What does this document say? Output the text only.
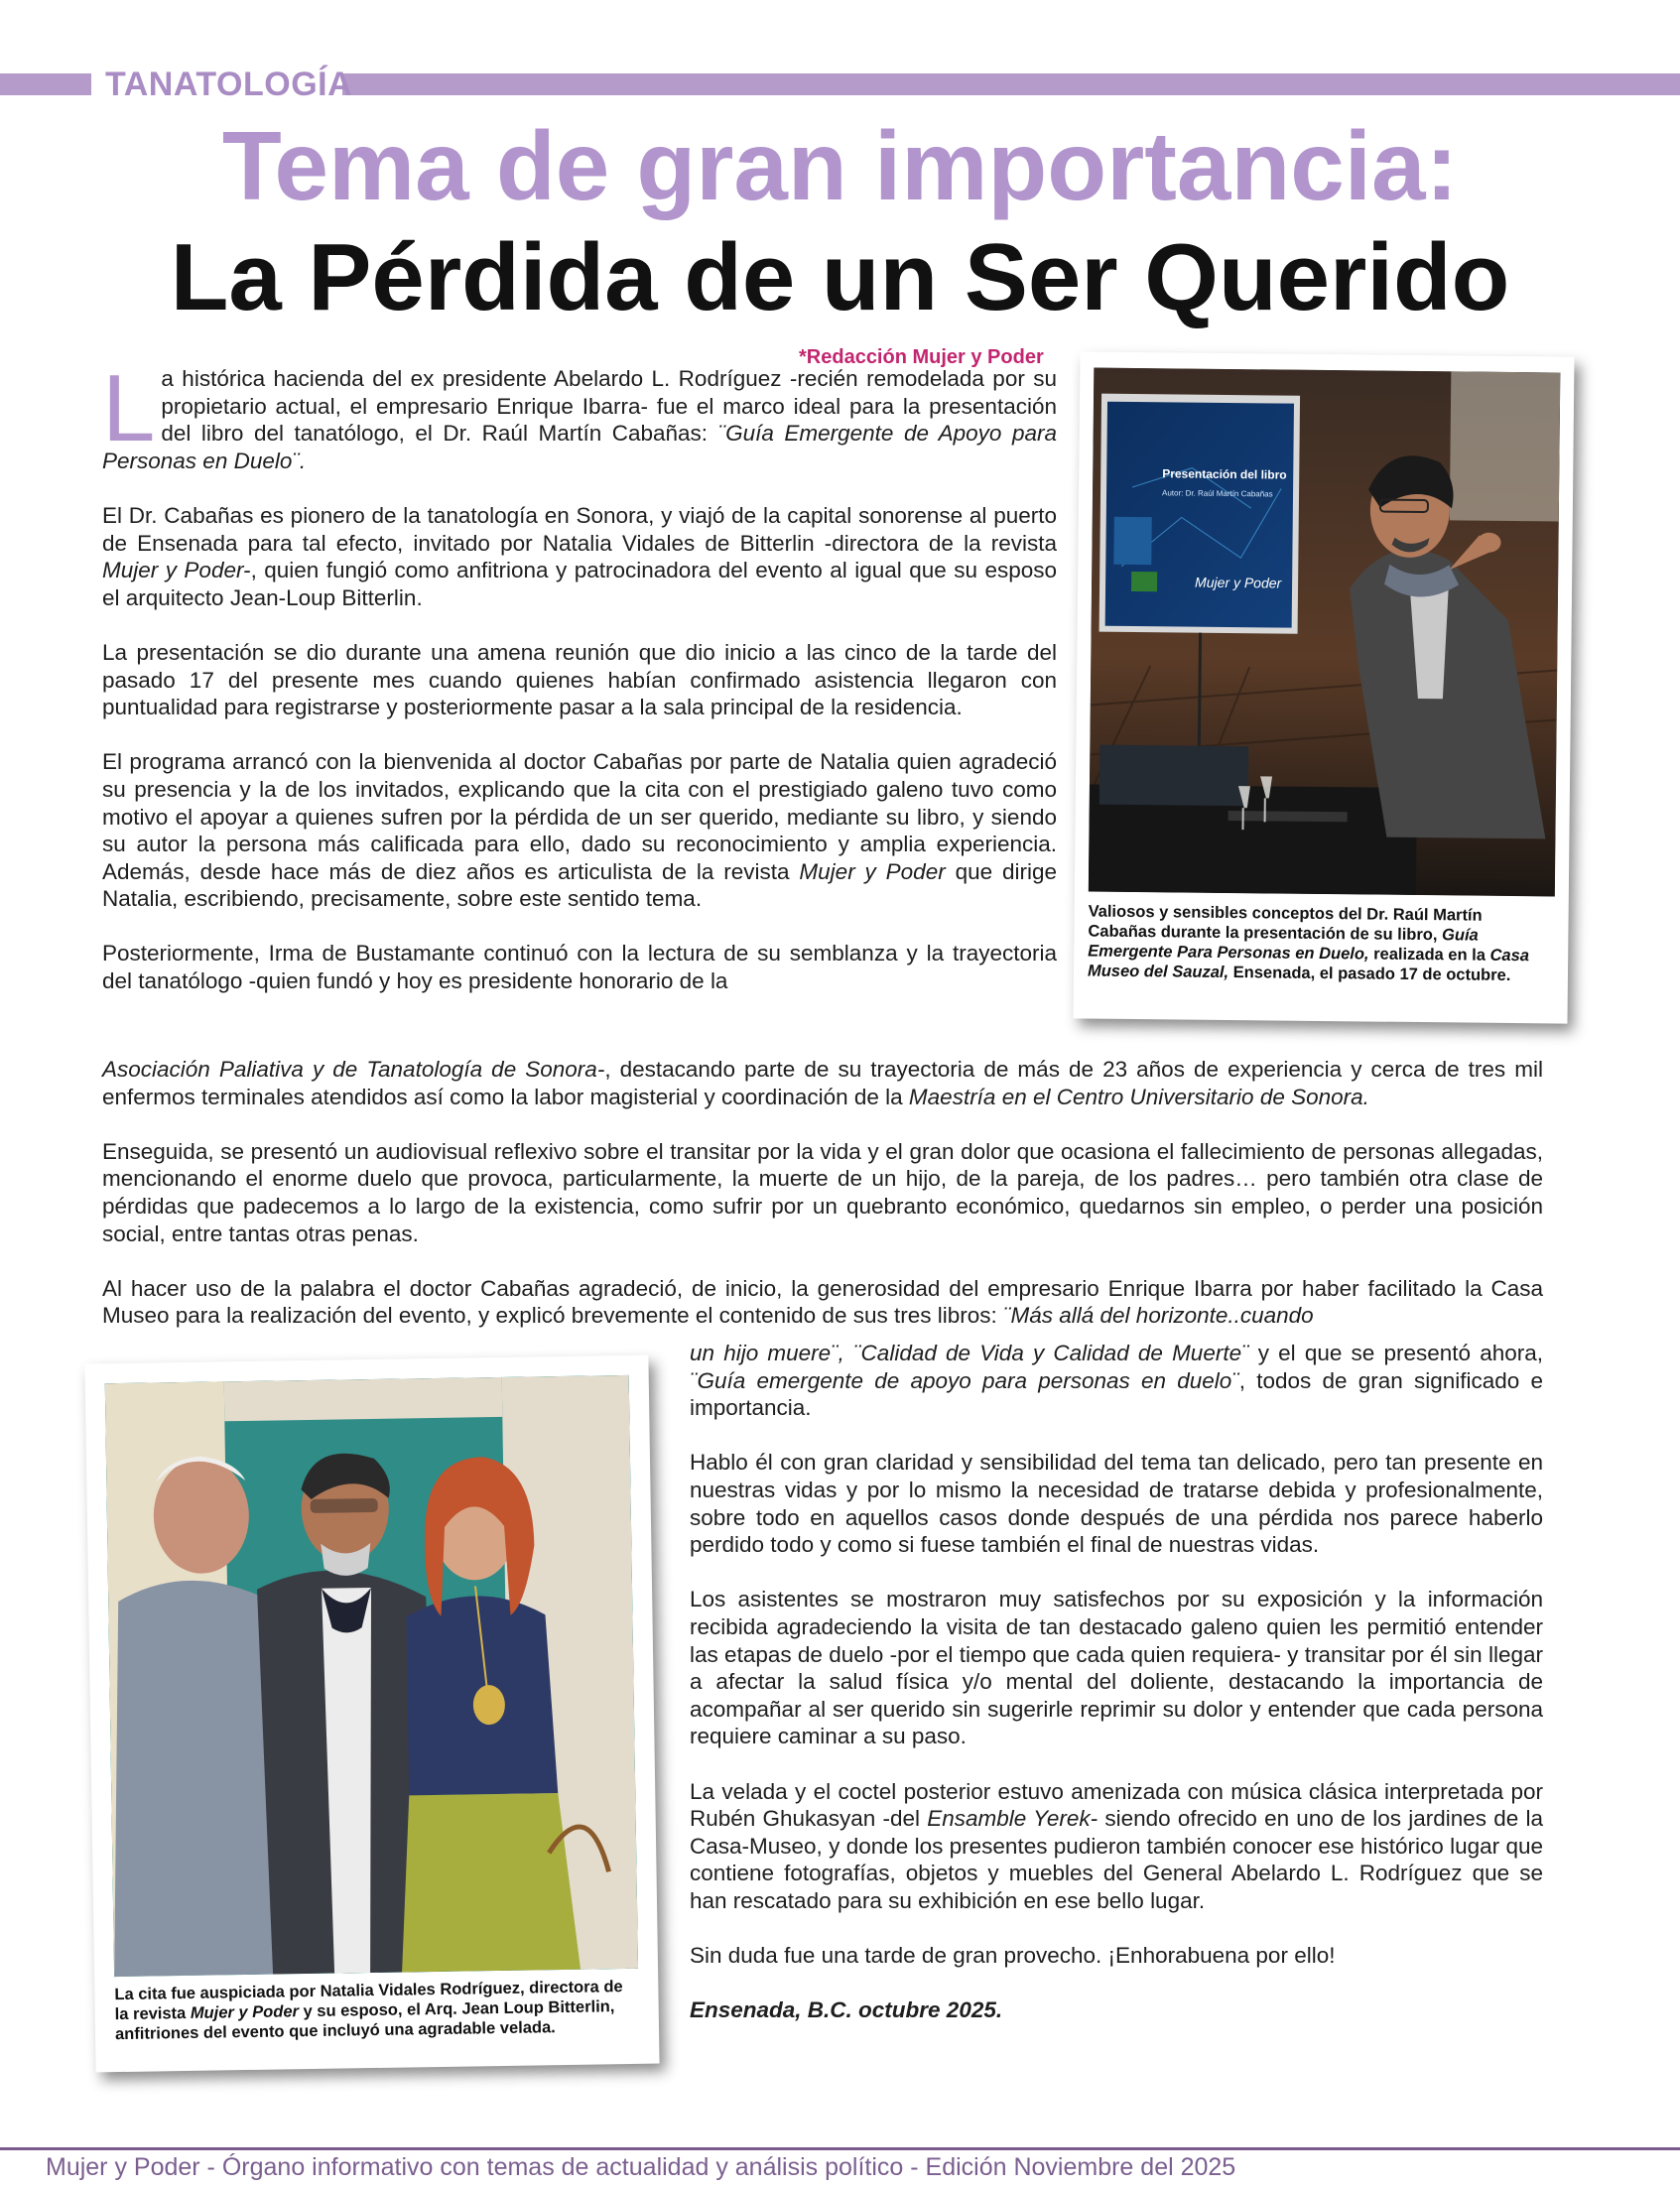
TANATOLOGÍA
Tema de gran importancia:
La Pérdida de un Ser Querido
*Redacción Mujer y Poder

La histórica hacienda del ex presidente Abelardo L. Rodríguez -recién remodelada por su propietario actual, el empresario Enrique Ibarra- fue el marco ideal para la presentación del libro del tanatólogo, el Dr. Raúl Martín Cabañas: ¨Guía Emergente de Apoyo para Personas en Duelo¨.

El Dr. Cabañas es pionero de la tanatología en Sonora, y viajó de la capital sonorense al puerto de Ensenada para tal efecto, invitado por Natalia Vidales de Bitterlin -directora de la revista Mujer y Poder-, quien fungió como anfitriona y patrocinadora del evento al igual que su esposo el arquitecto Jean-Loup Bitterlin.

La presentación se dio durante una amena reunión que dio inicio a las cinco de la tarde del pasado 17 del presente mes cuando quienes habían confirmado asistencia llegaron con puntualidad para registrarse y posteriormente pasar a la sala principal de la residencia.

El programa arrancó con la bienvenida al doctor Cabañas por parte de Natalia quien agradeció su presencia y la de los invitados, explicando que la cita con el prestigiado galeno tuvo como motivo el apoyar a quienes sufren por la pérdida de un ser querido, mediante su libro, y siendo su autor la persona más calificada para ello, dado su reconocimiento y amplia experiencia. Además, desde hace más de diez años es articulista de la revista Mujer y Poder que dirige Natalia, escribiendo, precisamente, sobre este sentido tema.

Posteriormente, Irma de Bustamante continuó con la lectura de su semblanza y la trayectoria del tanatólogo -quien fundó y hoy es presidente honorario de la

Asociación Paliativa y de Tanatología de Sonora-, destacando parte de su trayectoria de más de 23 años de experiencia y cerca de tres mil enfermos terminales atendidos así como la labor magisterial y coordinación de la Maestría en el Centro Universitario de Sonora.

Enseguida, se presentó un audiovisual reflexivo sobre el transitar por la vida y el gran dolor que ocasiona el fallecimiento de personas allegadas, mencionando el enorme duelo que provoca, particularmente, la muerte de un hijo, de la pareja, de los padres… pero también otra clase de pérdidas que padecemos a lo largo de la existencia, como sufrir por un quebranto económico, quedarnos sin empleo, o perder una posición social, entre tantas otras penas.

Al hacer uso de la palabra el doctor Cabañas agradeció, de inicio, la generosidad del empresario Enrique Ibarra por haber facilitado la Casa Museo para la realización del evento, y explicó brevemente el contenido de sus tres libros: ¨Más allá del horizonte..cuando

un hijo muere¨, ¨Calidad de Vida y Calidad de Muerte¨ y el que se presentó ahora, ¨Guía emergente de apoyo para personas en duelo¨, todos de gran significado e importancia.

Hablo él con gran claridad y sensibilidad del tema tan delicado, pero tan presente en nuestras vidas y por lo mismo la necesidad de tratarse debida y profesionalmente, sobre todo en aquellos casos donde después de una pérdida nos parece haberlo perdido todo y como si fuese también el final de nuestras vidas.

Los asistentes se mostraron muy satisfechos por su exposición y la información recibida agradeciendo la visita de tan destacado galeno quien les permitió entender las etapas de duelo -por el tiempo que cada quien requiera- y transitar por él sin llegar a afectar la salud física y/o mental del doliente, destacando la importancia de acompañar al ser querido sin sugerirle reprimir su dolor y entender que cada persona requiere caminar a su paso.

La velada y el coctel posterior estuvo amenizada con música clásica interpretada por Rubén Ghukasyan -del Ensamble Yerek- siendo ofrecido en uno de los jardines de la Casa-Museo, y donde los presentes pudieron también conocer ese histórico lugar que contiene fotografías, objetos y muebles del General Abelardo L. Rodríguez que se han rescatado para su exhibición en ese bello lugar.

Sin duda fue una tarde de gran provecho. ¡Enhorabuena por ello!

Ensenada, B.C. octubre 2025.

Presentación del libro
Autor: Dr. Raúl Martín Cabañas
Mujer y Poder
Valiosos y sensibles conceptos del Dr. Raúl Martín Cabañas durante la presentación de su libro, Guía Emergente Para Personas en Duelo, realizada en la Casa Museo del Sauzal, Ensenada, el pasado 17 de octubre.
La cita fue auspiciada por Natalia Vidales Rodríguez, directora de la revista Mujer y Poder y su esposo, el Arq. Jean Loup Bitterlin, anfitriones del evento que incluyó una agradable velada.
Mujer y Poder - Órgano informativo con temas de actualidad y análisis político - Edición Noviembre del 2025
